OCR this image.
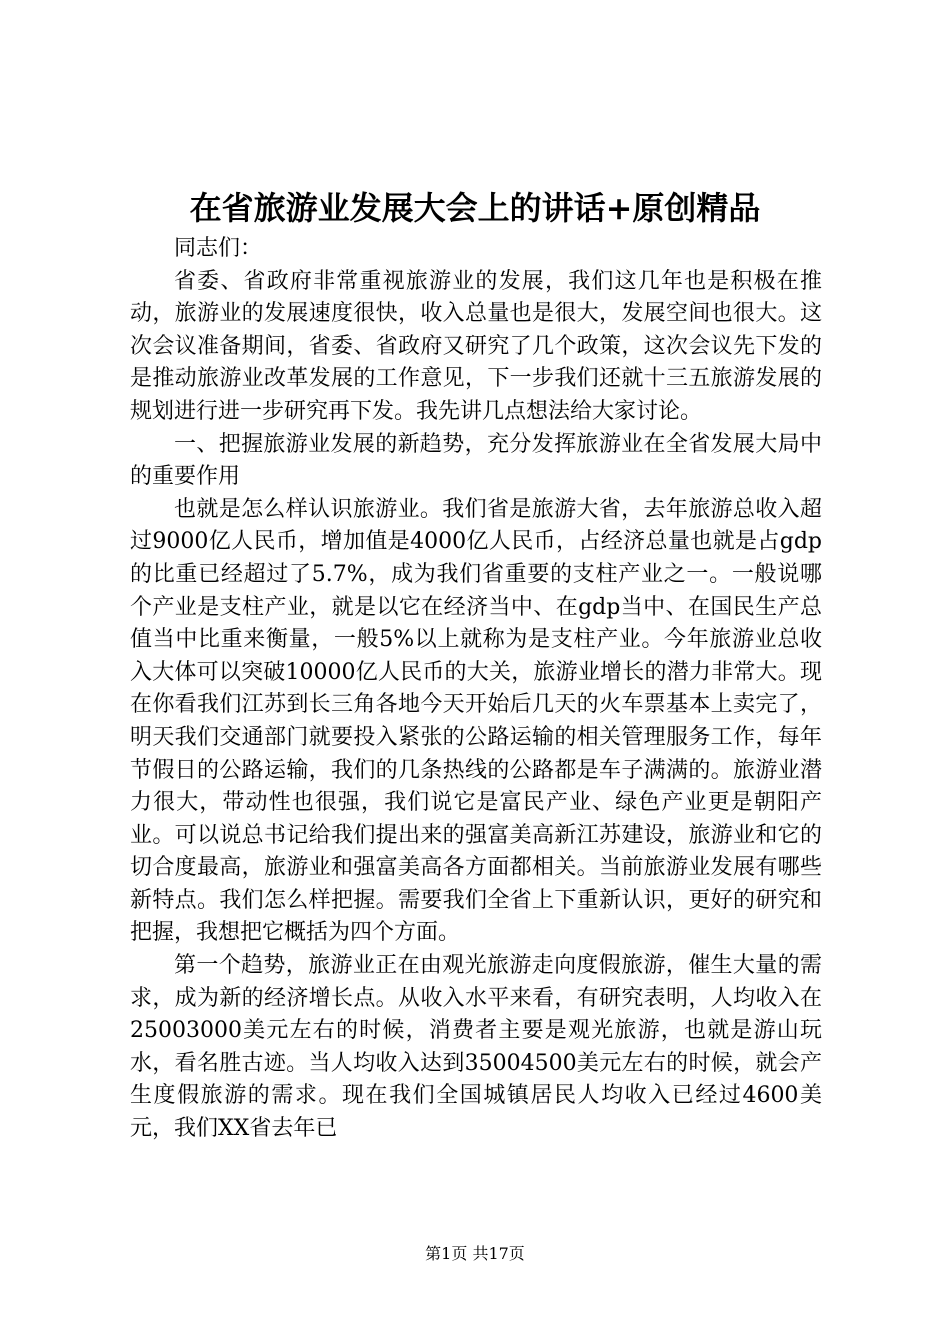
在省旅游业发展大会上的讲话+原创精品

同志们：

省委、省政府非常重视旅游业的发展，我们这几年也是积极在推动，旅游业的发展速度很快，收入总量也是很大，发展空间也很大。这次会议准备期间，省委、省政府又研究了几个政策，这次会议先下发的是推动旅游业改革发展的工作意见，下一步我们还就十三五旅游发展的规划进行进一步研究再下发。我先讲几点想法给大家讨论。

一、把握旅游业发展的新趋势，充分发挥旅游业在全省发展大局中的重要作用

也就是怎么样认识旅游业。我们省是旅游大省，去年旅游总收入超过9000亿人民币，增加值是4000亿人民币，占经济总量也就是占gdp的比重已经超过了5.7%，成为我们省重要的支柱产业之一。一般说哪个产业是支柱产业，就是以它在经济当中、在gdp当中、在国民生产总值当中比重来衡量，一般5%以上就称为是支柱产业。今年旅游业总收入大体可以突破10000亿人民币的大关，旅游业增长的潜力非常大。现在你看我们江苏到长三角各地今天开始后几天的火车票基本上卖完了，明天我们交通部门就要投入紧张的公路运输的相关管理服务工作，每年节假日的公路运输，我们的几条热线的公路都是车子满满的。旅游业潜力很大，带动性也很强，我们说它是富民产业、绿色产业更是朝阳产业。可以说总书记给我们提出来的强富美高新江苏建设，旅游业和它的切合度最高，旅游业和强富美高各方面都相关。当前旅游业发展有哪些新特点。我们怎么样把握。需要我们全省上下重新认识，更好的研究和把握，我想把它概括为四个方面。

第一个趋势，旅游业正在由观光旅游走向度假旅游，催生大量的需求，成为新的经济增长点。从收入水平来看，有研究表明，人均收入在25003000美元左右的时候，消费者主要是观光旅游，也就是游山玩水，看名胜古迹。当人均收入达到35004500美元左右的时候，就会产生度假旅游的需求。现在我们全国城镇居民人均收入已经过4600美元，我们XX省去年已

第1页 共17页
